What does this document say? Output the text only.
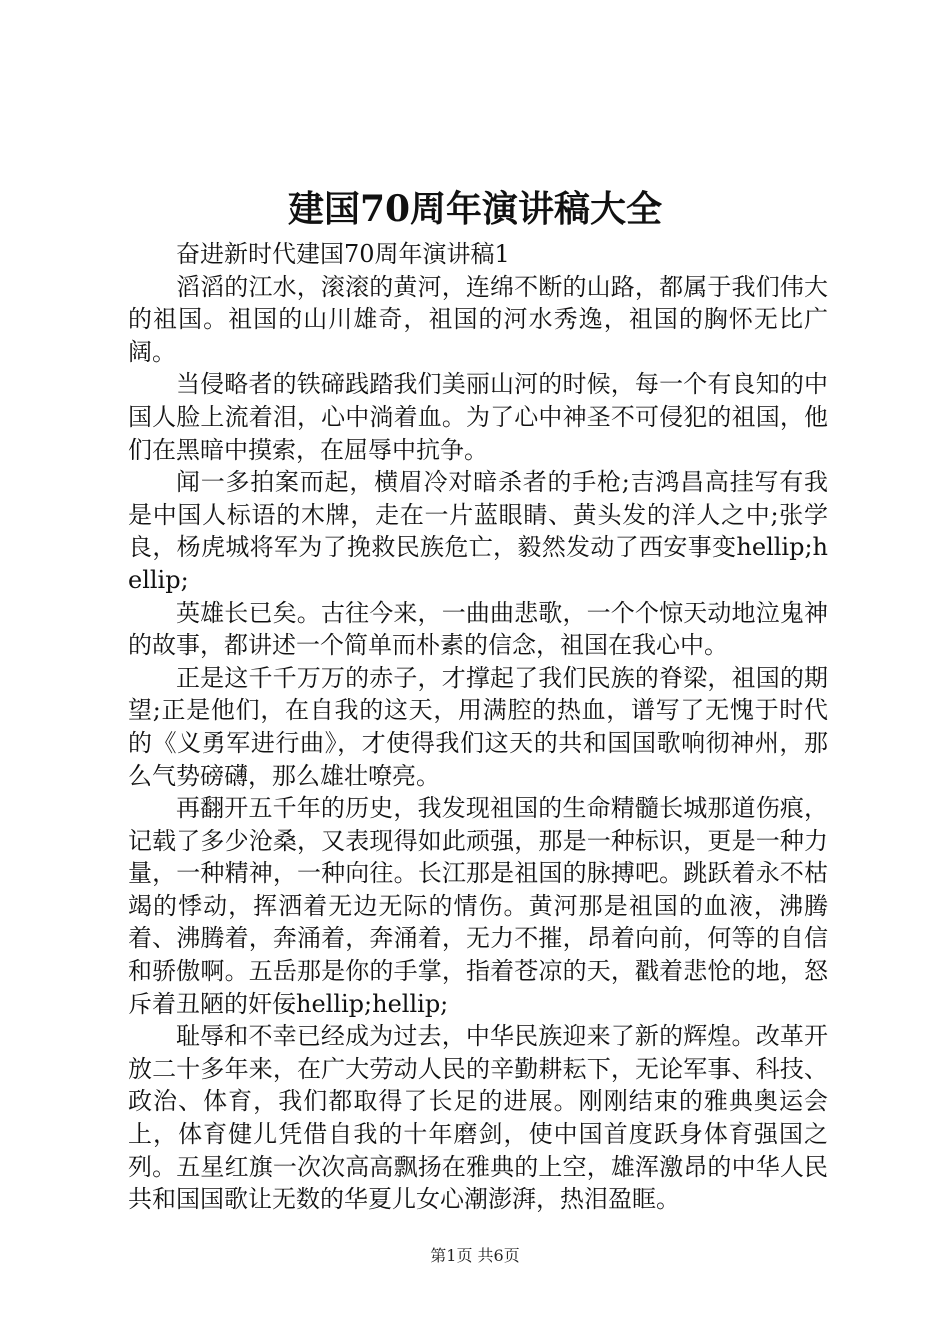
建国70周年演讲稿大全

奋进新时代建国70周年演讲稿1

滔滔的江水，滚滚的黄河，连绵不断的山路，都属于我们伟大的祖国。祖国的山川雄奇，祖国的河水秀逸，祖国的胸怀无比广阔。

当侵略者的铁碲践踏我们美丽山河的时候，每一个有良知的中国人脸上流着泪，心中淌着血。为了心中神圣不可侵犯的祖国，他们在黑暗中摸索，在屈辱中抗争。

闻一多拍案而起，横眉冷对暗杀者的手枪;吉鸿昌高挂写有我是中国人标语的木牌，走在一片蓝眼睛、黄头发的洋人之中;张学良，杨虎城将军为了挽救民族危亡，毅然发动了西安事变hellip;hellip;

英雄长已矣。古往今来，一曲曲悲歌，一个个惊天动地泣鬼神的故事，都讲述一个简单而朴素的信念，祖国在我心中。

正是这千千万万的赤子，才撑起了我们民族的脊梁，祖国的期望;正是他们，在自我的这天，用满腔的热血，谱写了无愧于时代的《义勇军进行曲》，才使得我们这天的共和国国歌响彻神州，那么气势磅礴，那么雄壮嘹亮。

再翻开五千年的历史，我发现祖国的生命精髓长城那道伤痕，记载了多少沧桑，又表现得如此顽强，那是一种标识，更是一种力量，一种精神，一种向往。长江那是祖国的脉搏吧。跳跃着永不枯竭的悸动，挥洒着无边无际的情伤。黄河那是祖国的血液，沸腾着、沸腾着，奔涌着，奔涌着，无力不摧，昂着向前，何等的自信和骄傲啊。五岳那是你的手掌，指着苍凉的天，戳着悲怆的地，怒斥着丑陋的奸佞hellip;hellip;

耻辱和不幸已经成为过去，中华民族迎来了新的辉煌。改革开放二十多年来，在广大劳动人民的辛勤耕耘下，无论军事、科技、政治、体育，我们都取得了长足的进展。刚刚结束的雅典奥运会上，体育健儿凭借自我的十年磨剑，使中国首度跃身体育强国之列。五星红旗一次次高高飘扬在雅典的上空，雄浑激昂的中华人民共和国国歌让无数的华夏儿女心潮澎湃，热泪盈眶。

第1页 共6页
